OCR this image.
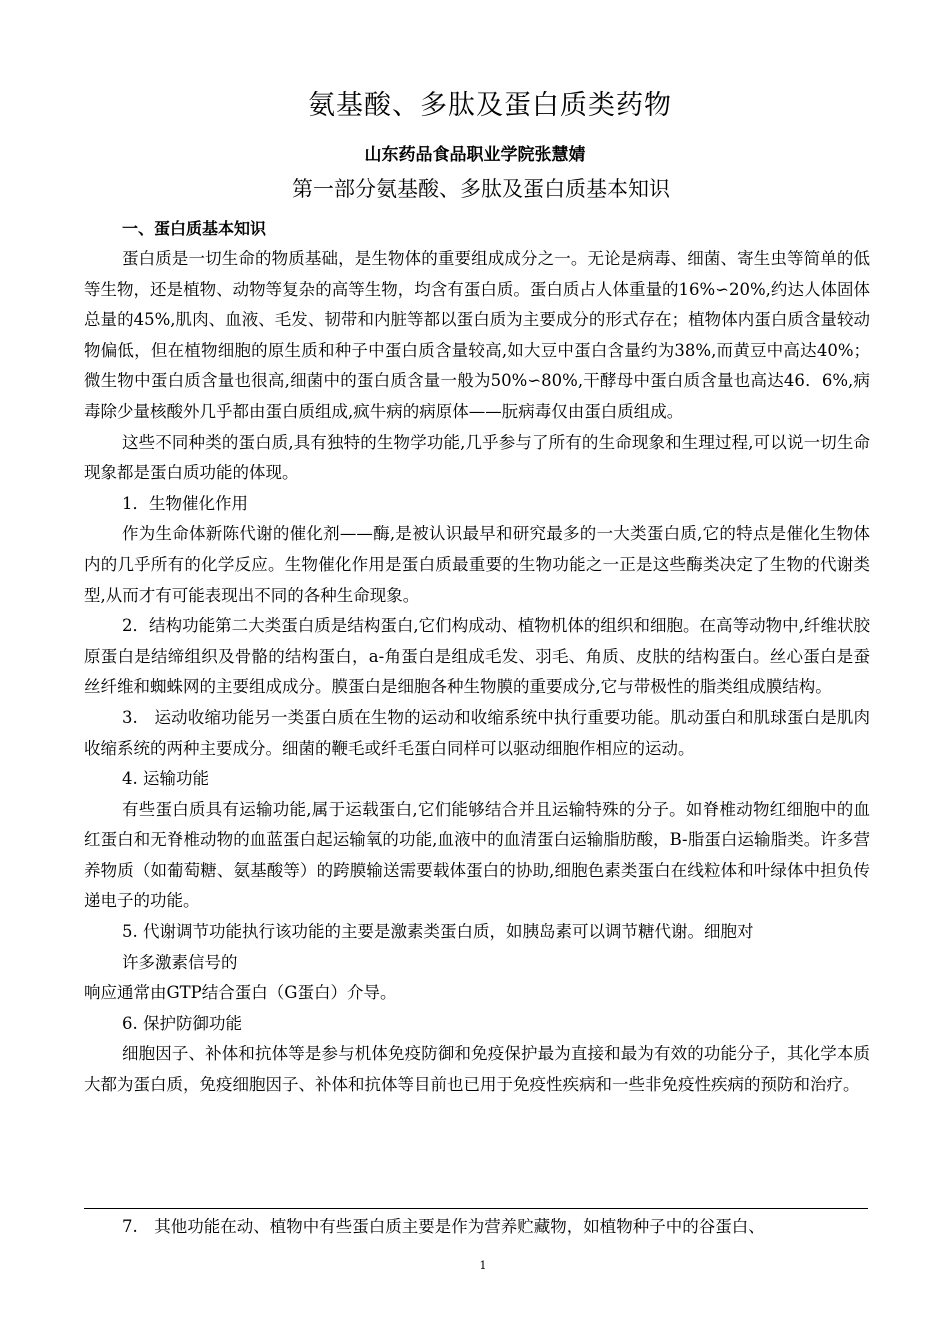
氨基酸、多肽及蛋白质类药物
山东药品食品职业学院张慧婧
第一部分氨基酸、多肽及蛋白质基本知识
一、蛋白质基本知识

蛋白质是一切生命的物质基础，是生物体的重要组成成分之一。无论是病毒、细菌、寄生虫等简单的低等生物，还是植物、动物等复杂的高等生物，均含有蛋白质。蛋白质占人体重量的16%∽20%,约达人体固体总量的45%,肌肉、血液、毛发、韧带和内脏等都以蛋白质为主要成分的形式存在；植物体内蛋白质含量较动物偏低，但在植物细胞的原生质和种子中蛋白质含量较高,如大豆中蛋白含量约为38%,而黄豆中高达40%；微生物中蛋白质含量也很高,细菌中的蛋白质含量一般为50%∽80%,干酵母中蛋白质含量也高达46．6%,病毒除少量核酸外几乎都由蛋白质组成,疯牛病的病原体——朊病毒仅由蛋白质组成。

这些不同种类的蛋白质,具有独特的生物学功能,几乎参与了所有的生命现象和生理过程,可以说一切生命现象都是蛋白质功能的体现。

1．生物催化作用

作为生命体新陈代谢的催化剂——酶,是被认识最早和研究最多的一大类蛋白质,它的特点是催化生物体内的几乎所有的化学反应。生物催化作用是蛋白质最重要的生物功能之一正是这些酶类决定了生物的代谢类型,从而才有可能表现出不同的各种生命现象。

2．结构功能第二大类蛋白质是结构蛋白,它们构成动、植物机体的组织和细胞。在高等动物中,纤维状胶原蛋白是结缔组织及骨骼的结构蛋白，a-角蛋白是组成毛发、羽毛、角质、皮肤的结构蛋白。丝心蛋白是蚕丝纤维和蜘蛛网的主要组成成分。膜蛋白是细胞各种生物膜的重要成分,它与带极性的脂类组成膜结构。

3.　运动收缩功能另一类蛋白质在生物的运动和收缩系统中执行重要功能。肌动蛋白和肌球蛋白是肌肉收缩系统的两种主要成分。细菌的鞭毛或纤毛蛋白同样可以驱动细胞作相应的运动。

4. 运输功能

有些蛋白质具有运输功能,属于运载蛋白,它们能够结合并且运输特殊的分子。如脊椎动物红细胞中的血红蛋白和无脊椎动物的血蓝蛋白起运输氧的功能,血液中的血清蛋白运输脂肪酸，B-脂蛋白运输脂类。许多营养物质（如葡萄糖、氨基酸等）的跨膜输送需要载体蛋白的协助,细胞色素类蛋白在线粒体和叶绿体中担负传递电子的功能。

5. 代谢调节功能执行该功能的主要是激素类蛋白质，如胰岛素可以调节糖代谢。细胞对

许多激素信号的

响应通常由GTP结合蛋白（G蛋白）介导。

6. 保护防御功能

细胞因子、补体和抗体等是参与机体免疫防御和免疫保护最为直接和最为有效的功能分子，其化学本质大都为蛋白质，免疫细胞因子、补体和抗体等目前也已用于免疫性疾病和一些非免疫性疾病的预防和治疗。

7.　其他功能在动、植物中有些蛋白质主要是作为营养贮藏物，如植物种子中的谷蛋白、
1
